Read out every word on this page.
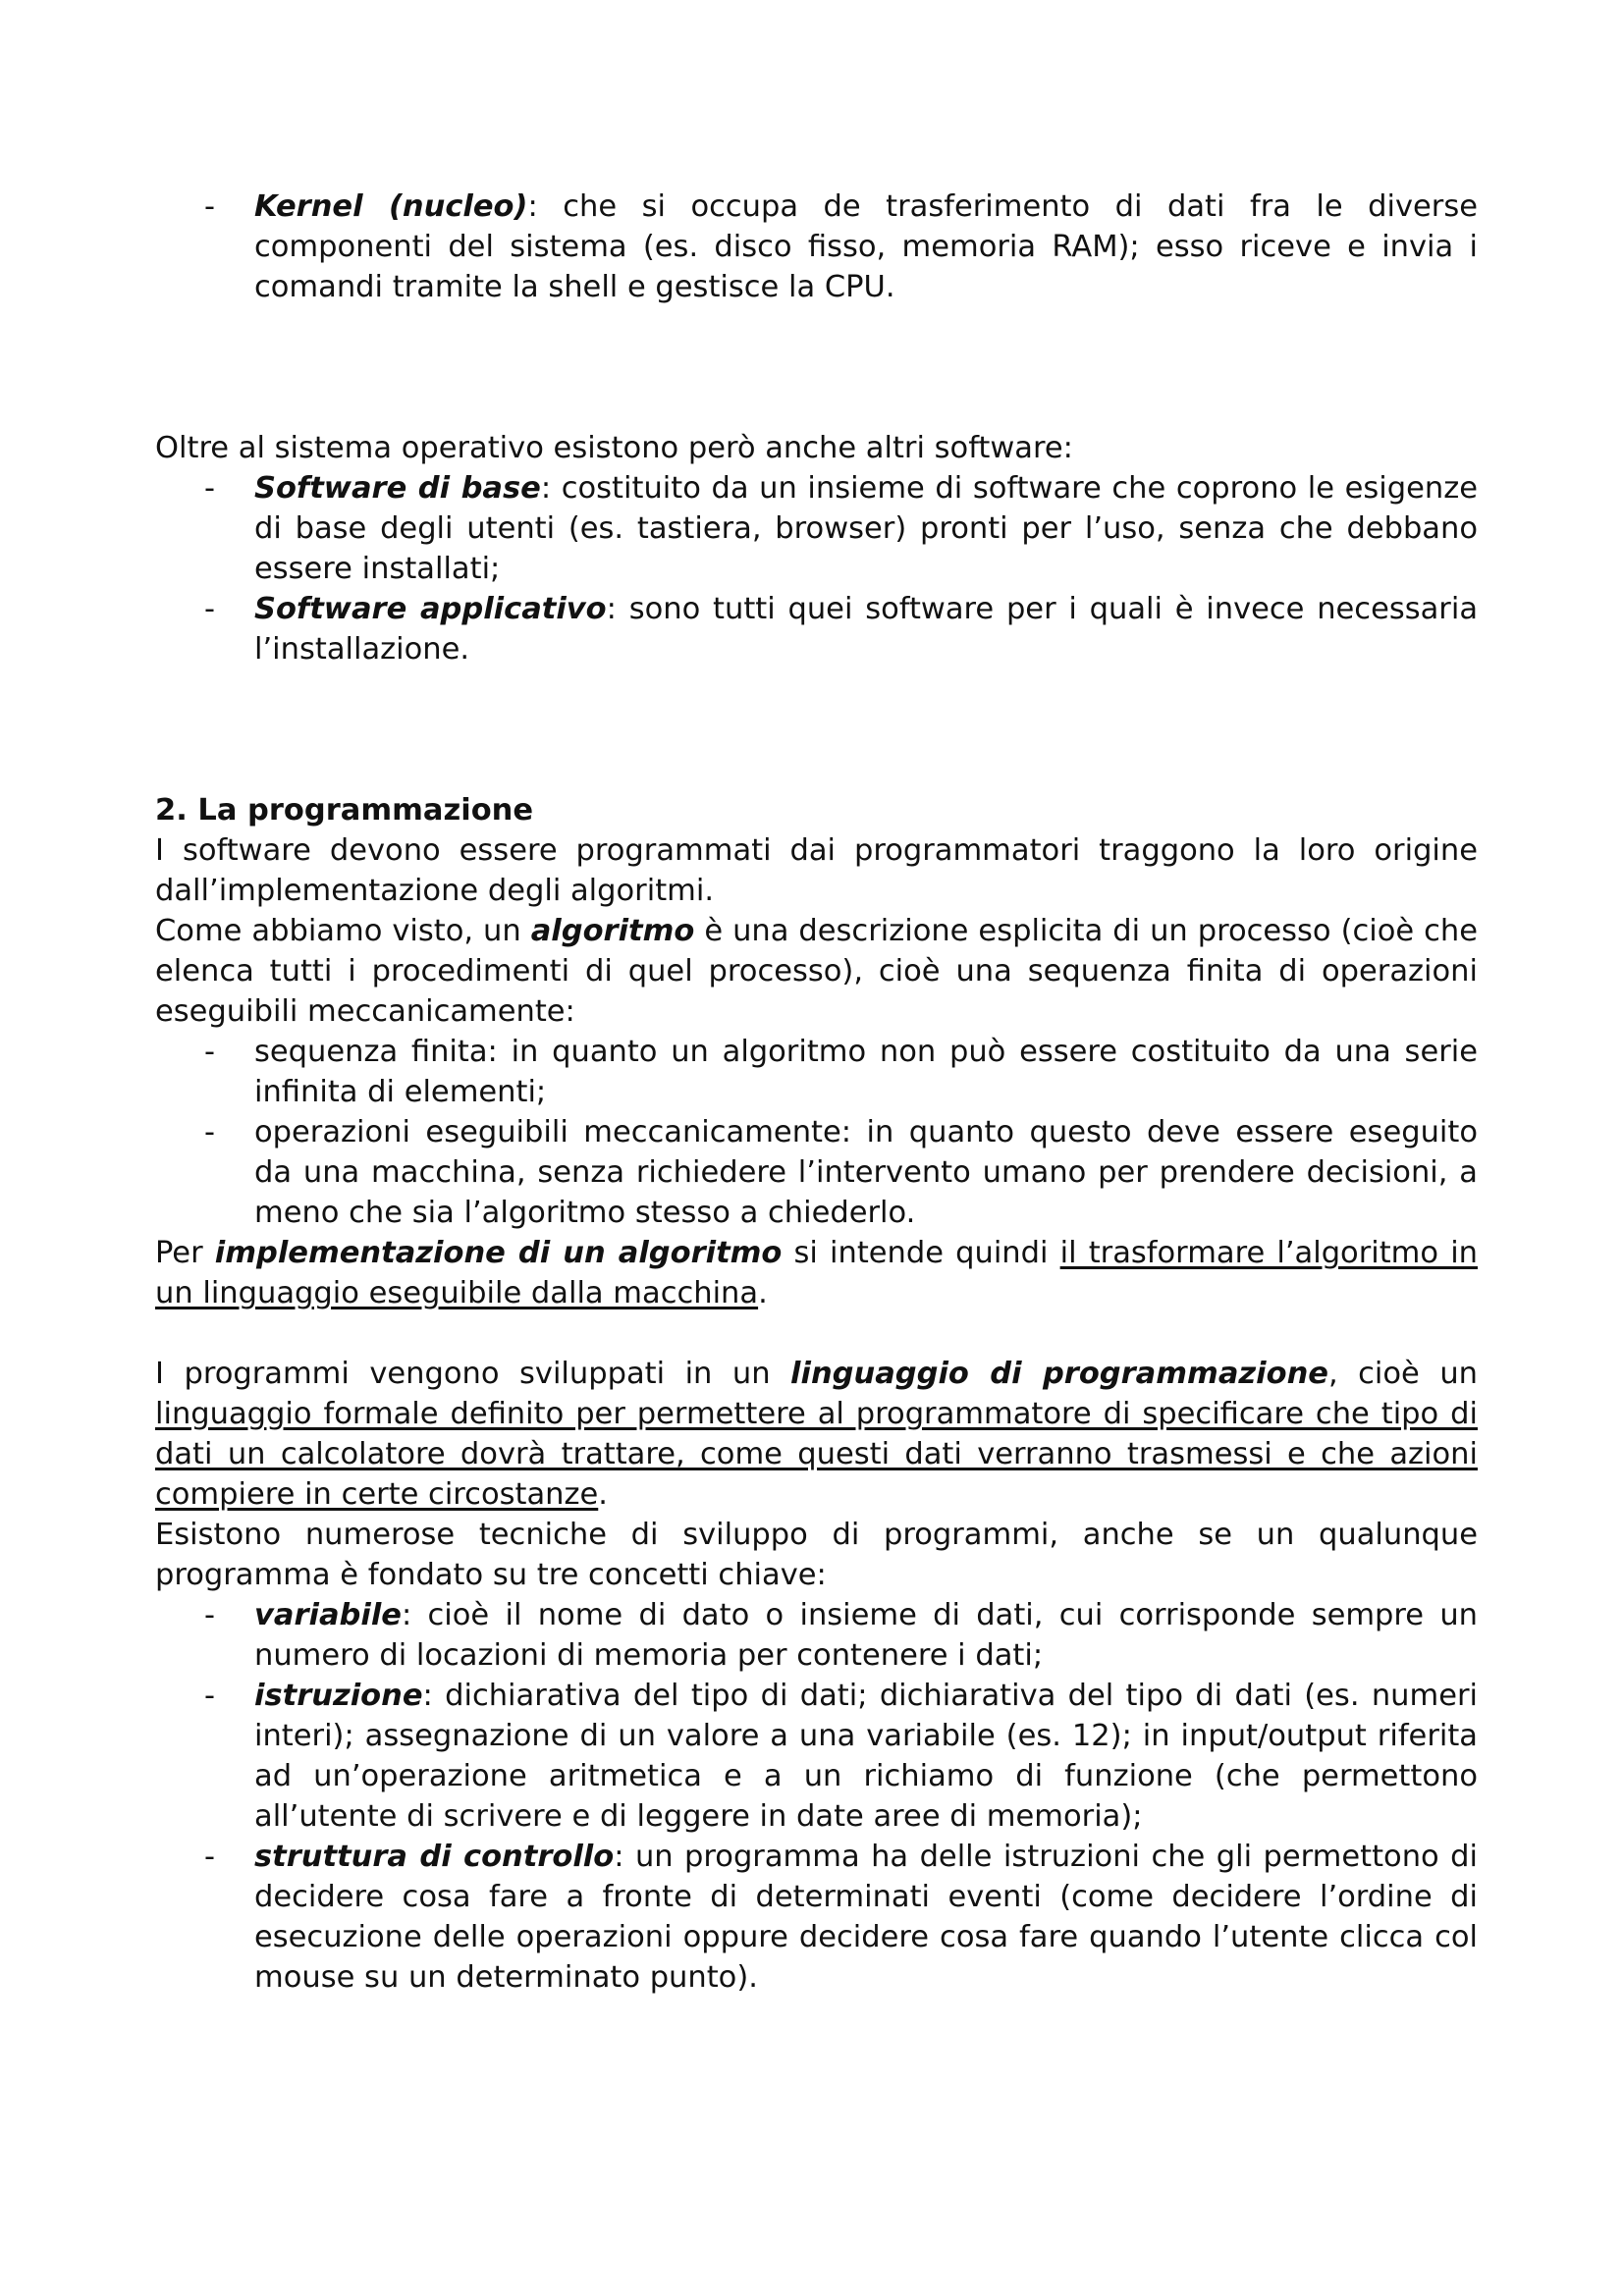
- Kernel (nucleo): che si occupa de trasferimento di dati fra le diverse componenti del sistema (es. disco fisso, memoria RAM); esso riceve e invia i comandi tramite la shell e gestisce la CPU.

Oltre al sistema operativo esistono però anche altri software:

- Software di base: costituito da un insieme di software che coprono le esigenze di base degli utenti (es. tastiera, browser) pronti per l’uso, senza che debbano essere installati;
- Software applicativo: sono tutti quei software per i quali è invece necessaria l’installazione.
2. La programmazione

I software devono essere programmati dai programmatori traggono la loro origine dall’implementazione degli algoritmi.

Come abbiamo visto, un algoritmo è una descrizione esplicita di un processo (cioè che elenca tutti i procedimenti di quel processo), cioè una sequenza finita di operazioni eseguibili meccanicamente:

- sequenza finita: in quanto un algoritmo non può essere costituito da una serie infinita di elementi;
- operazioni eseguibili meccanicamente: in quanto questo deve essere eseguito da una macchina, senza richiedere l’intervento umano per prendere decisioni, a meno che sia l’algoritmo stesso a chiederlo.

Per implementazione di un algoritmo si intende quindi il trasformare l’algoritmo in un linguaggio eseguibile dalla macchina.

I programmi vengono sviluppati in un linguaggio di programmazione, cioè un linguaggio formale definito per permettere al programmatore di specificare che tipo di dati un calcolatore dovrà trattare, come questi dati verranno trasmessi e che azioni compiere in certe circostanze.

Esistono numerose tecniche di sviluppo di programmi, anche se un qualunque programma è fondato su tre concetti chiave:

- variabile: cioè il nome di dato o insieme di dati, cui corrisponde sempre un numero di locazioni di memoria per contenere i dati;
- istruzione: dichiarativa del tipo di dati; dichiarativa del tipo di dati (es. numeri interi); assegnazione di un valore a una variabile (es. 12); in input/output riferita ad un’operazione aritmetica e a un richiamo di funzione (che permettono all’utente di scrivere e di leggere in date aree di memoria);
- struttura di controllo: un programma ha delle istruzioni che gli permettono di decidere cosa fare a fronte di determinati eventi (come decidere l’ordine di esecuzione delle operazioni oppure decidere cosa fare quando l’utente clicca col mouse su un determinato punto).
